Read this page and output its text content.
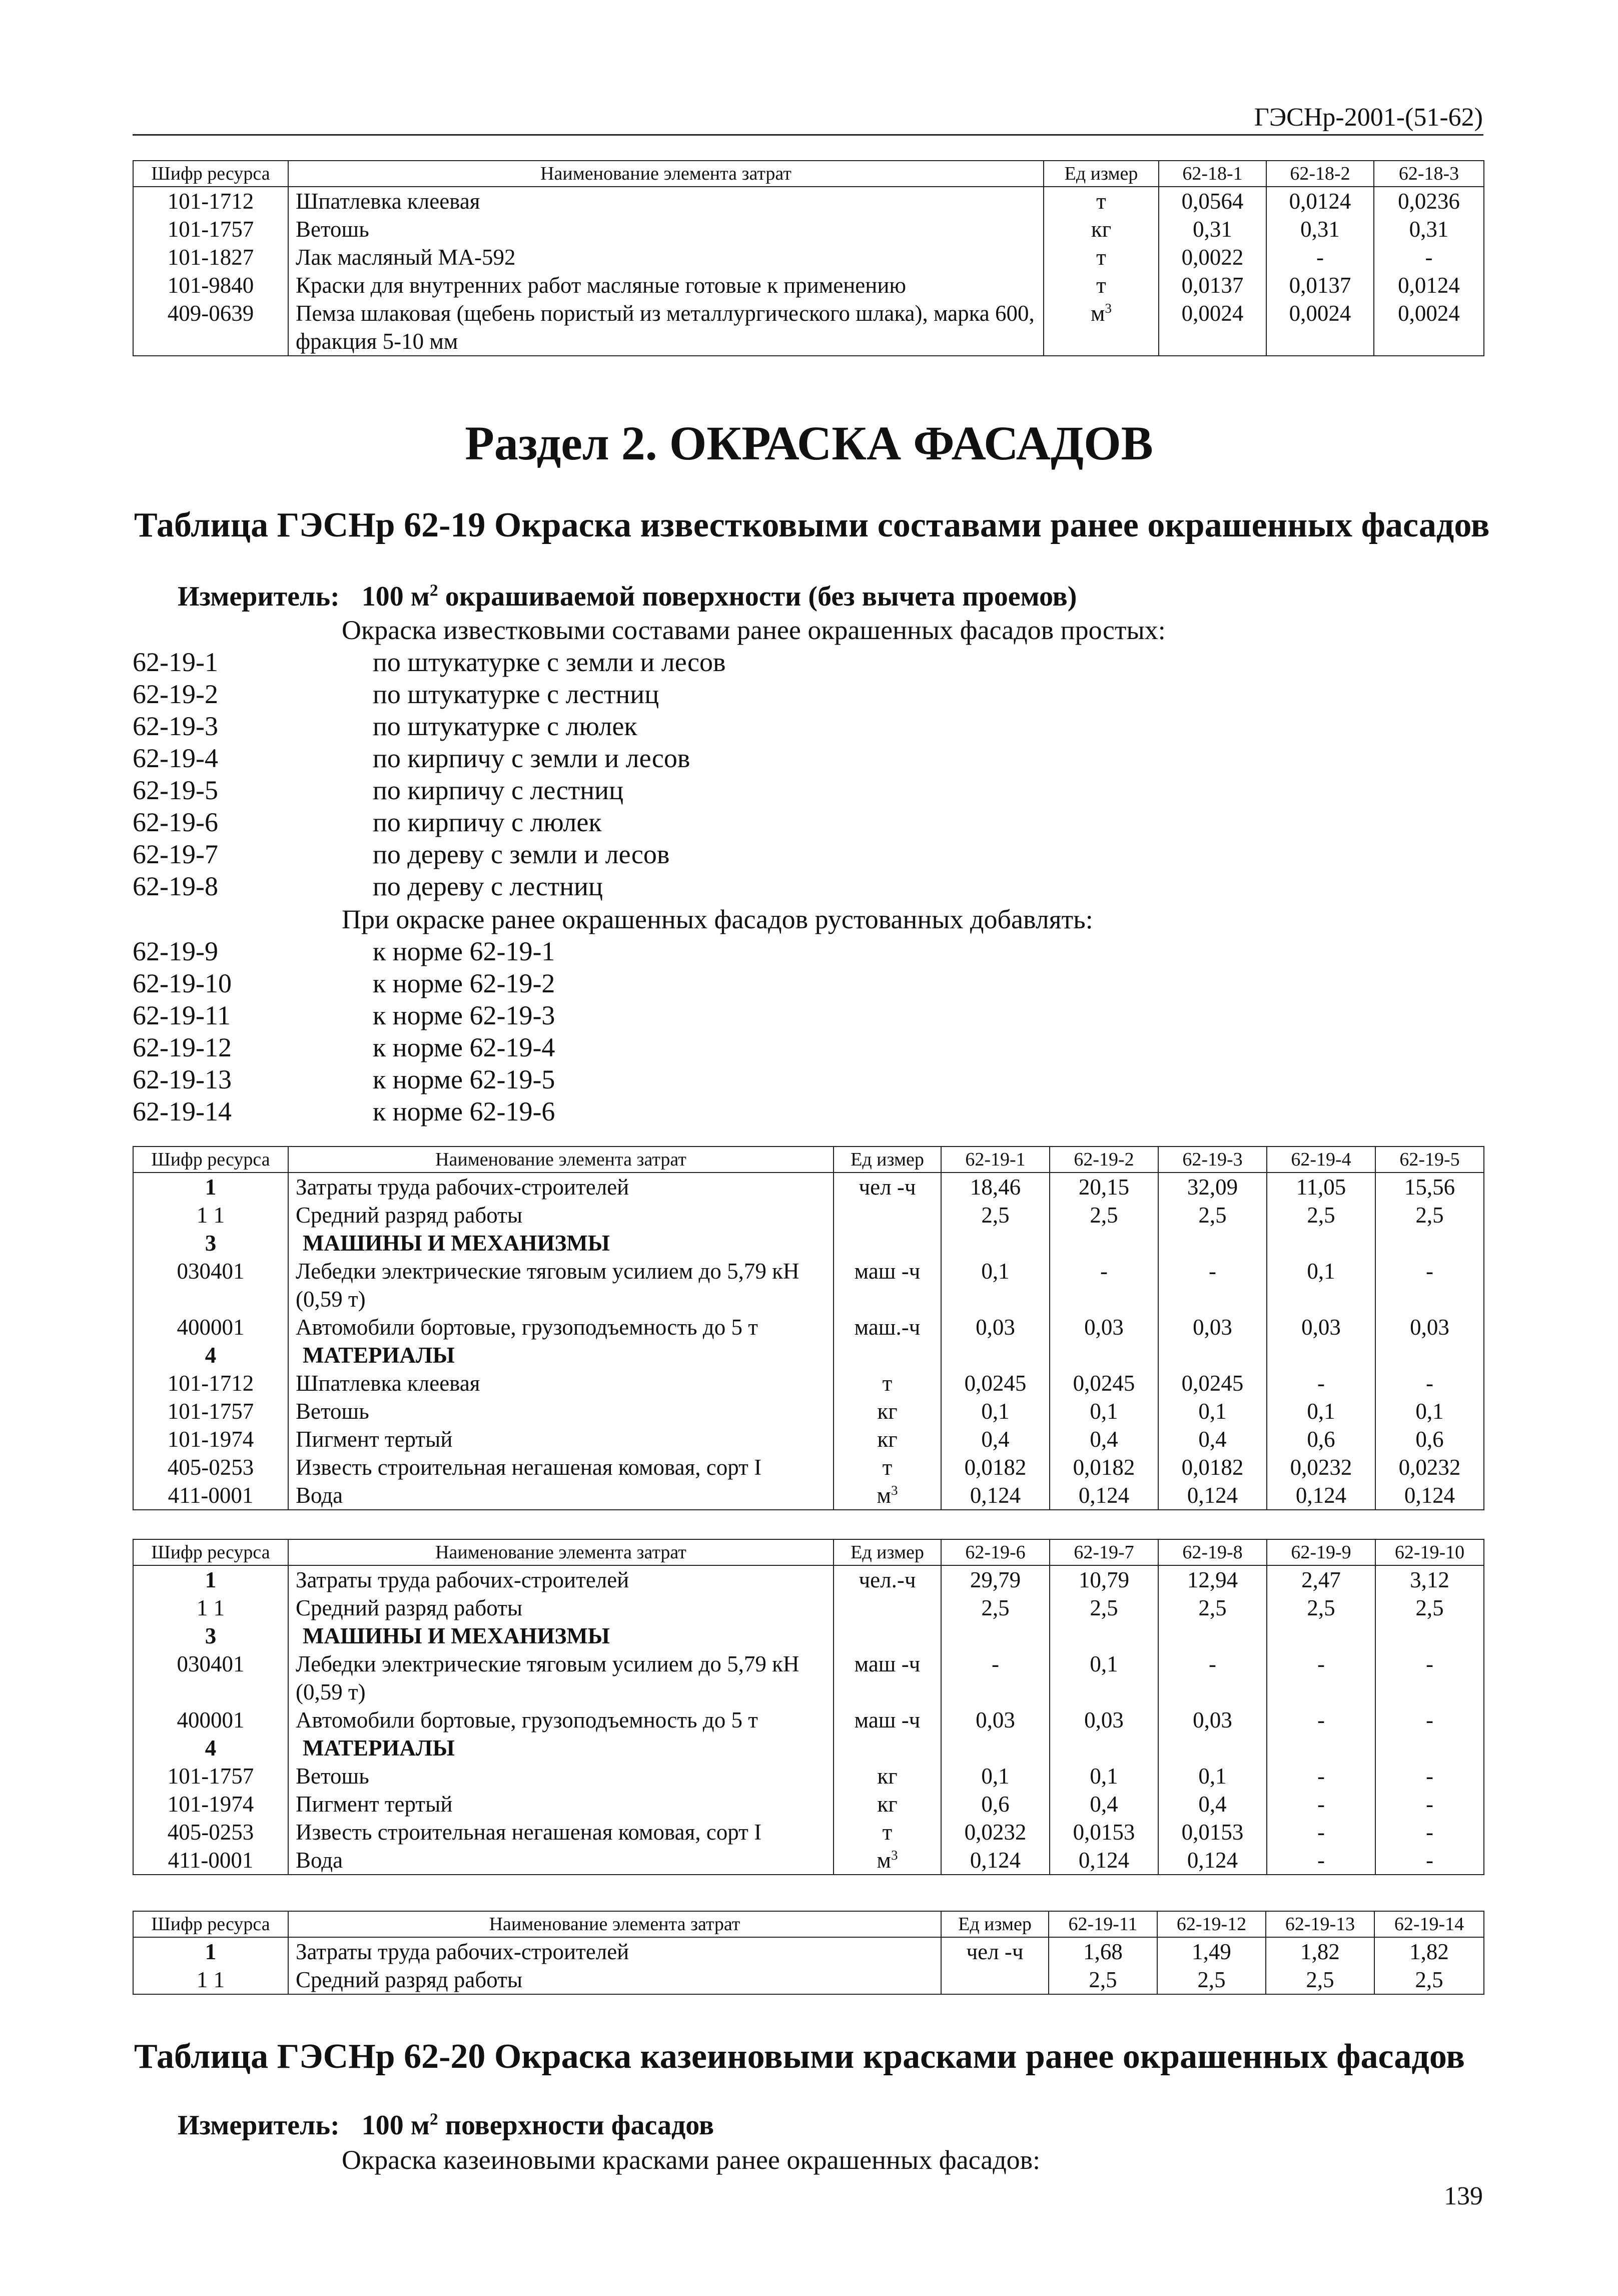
ГЭСНр-2001-(51-62)
Шифр ресурса	Наименование элемента затрат	Ед измер	62-18-1	62-18-2	62-18-3
101-1712	Шпатлевка клеевая	т	0,0564	0,0124	0,0236
101-1757	Ветошь	кг	0,31	0,31	0,31
101-1827	Лак масляный МА-592	т	0,0022	-	-
101-9840	Краски для внутренних работ масляные готовые к применению	т	0,0137	0,0137	0,0124
409-0639	Пемза шлаковая (щебень пористый из металлургического шлака), марка 600, фракция 5-10 мм	$м^3$	0,0024	0,0024	0,0024
Раздел 2. ОКРАСКА ФАСАДОВ
Таблица ГЭСНр 62-19 Окраска известковыми составами ранее окрашенных фасадов
Измеритель: 100 $м^2$ окрашиваемой поверхности (без вычета проемов)
Окраска известковыми составами ранее окрашенных фасадов простых:
62-19-1	по штукатурке с земли и лесов
62-19-2	по штукатурке с лестниц
62-19-3	по штукатурке с люлек
62-19-4	по кирпичу с земли и лесов
62-19-5	по кирпичу с лестниц
62-19-6	по кирпичу с люлек
62-19-7	по дереву с земли и лесов
62-19-8	по дереву с лестниц
При окраске ранее окрашенных фасадов рустованных добавлять:
62-19-9	к норме 62-19-1
62-19-10	к норме 62-19-2
62-19-11	к норме 62-19-3
62-19-12	к норме 62-19-4
62-19-13	к норме 62-19-5
62-19-14	к норме 62-19-6
Шифр ресурса	Наименование элемента затрат	Ед измер	62-19-1	62-19-2	62-19-3	62-19-4	62-19-5
1	Затраты труда рабочих-строителей	чел -ч	18,46	20,15	32,09	11,05	15,56
1 1	Средний разряд работы		2,5	2,5	2,5	2,5	2,5
3	МАШИНЫ И МЕХАНИЗМЫ						
030401	Лебедки электрические тяговым усилием до 5,79 кН (0,59 т)	маш -ч	0,1	-	-	0,1	-
400001	Автомобили бортовые, грузоподъемность до 5 т	маш.-ч	0,03	0,03	0,03	0,03	0,03
4	МАТЕРИАЛЫ						
101-1712	Шпатлевка клеевая	т	0,0245	0,0245	0,0245	-	-
101-1757	Ветошь	кг	0,1	0,1	0,1	0,1	0,1
101-1974	Пигмент тертый	кг	0,4	0,4	0,4	0,6	0,6
405-0253	Известь строительная негашеная комовая, сорт I	т	0,0182	0,0182	0,0182	0,0232	0,0232
411-0001	Вода	$м^3$	0,124	0,124	0,124	0,124	0,124
Шифр ресурса	Наименование элемента затрат	Ед измер	62-19-6	62-19-7	62-19-8	62-19-9	62-19-10
1	Затраты труда рабочих-строителей	чел.-ч	29,79	10,79	12,94	2,47	3,12
1 1	Средний разряд работы		2,5	2,5	2,5	2,5	2,5
3	МАШИНЫ И МЕХАНИЗМЫ						
030401	Лебедки электрические тяговым усилием до 5,79 кН (0,59 т)	маш -ч	-	0,1	-	-	-
400001	Автомобили бортовые, грузоподъемность до 5 т	маш -ч	0,03	0,03	0,03	-	-
4	МАТЕРИАЛЫ						
101-1757	Ветошь	кг	0,1	0,1	0,1	-	-
101-1974	Пигмент тертый	кг	0,6	0,4	0,4	-	-
405-0253	Известь строительная негашеная комовая, сорт I	т	0,0232	0,0153	0,0153	-	-
411-0001	Вода	$м^3$	0,124	0,124	0,124	-	-
Шифр ресурса	Наименование элемента затрат	Ед измер	62-19-11	62-19-12	62-19-13	62-19-14
1	Затраты труда рабочих-строителей	чел -ч	1,68	1,49	1,82	1,82
1 1	Средний разряд работы		2,5	2,5	2,5	2,5
Таблица ГЭСНр 62-20 Окраска казеиновыми красками ранее окрашенных фасадов
Измеритель: 100 $м^2$ поверхности фасадов
Окраска казеиновыми красками ранее окрашенных фасадов:
139
